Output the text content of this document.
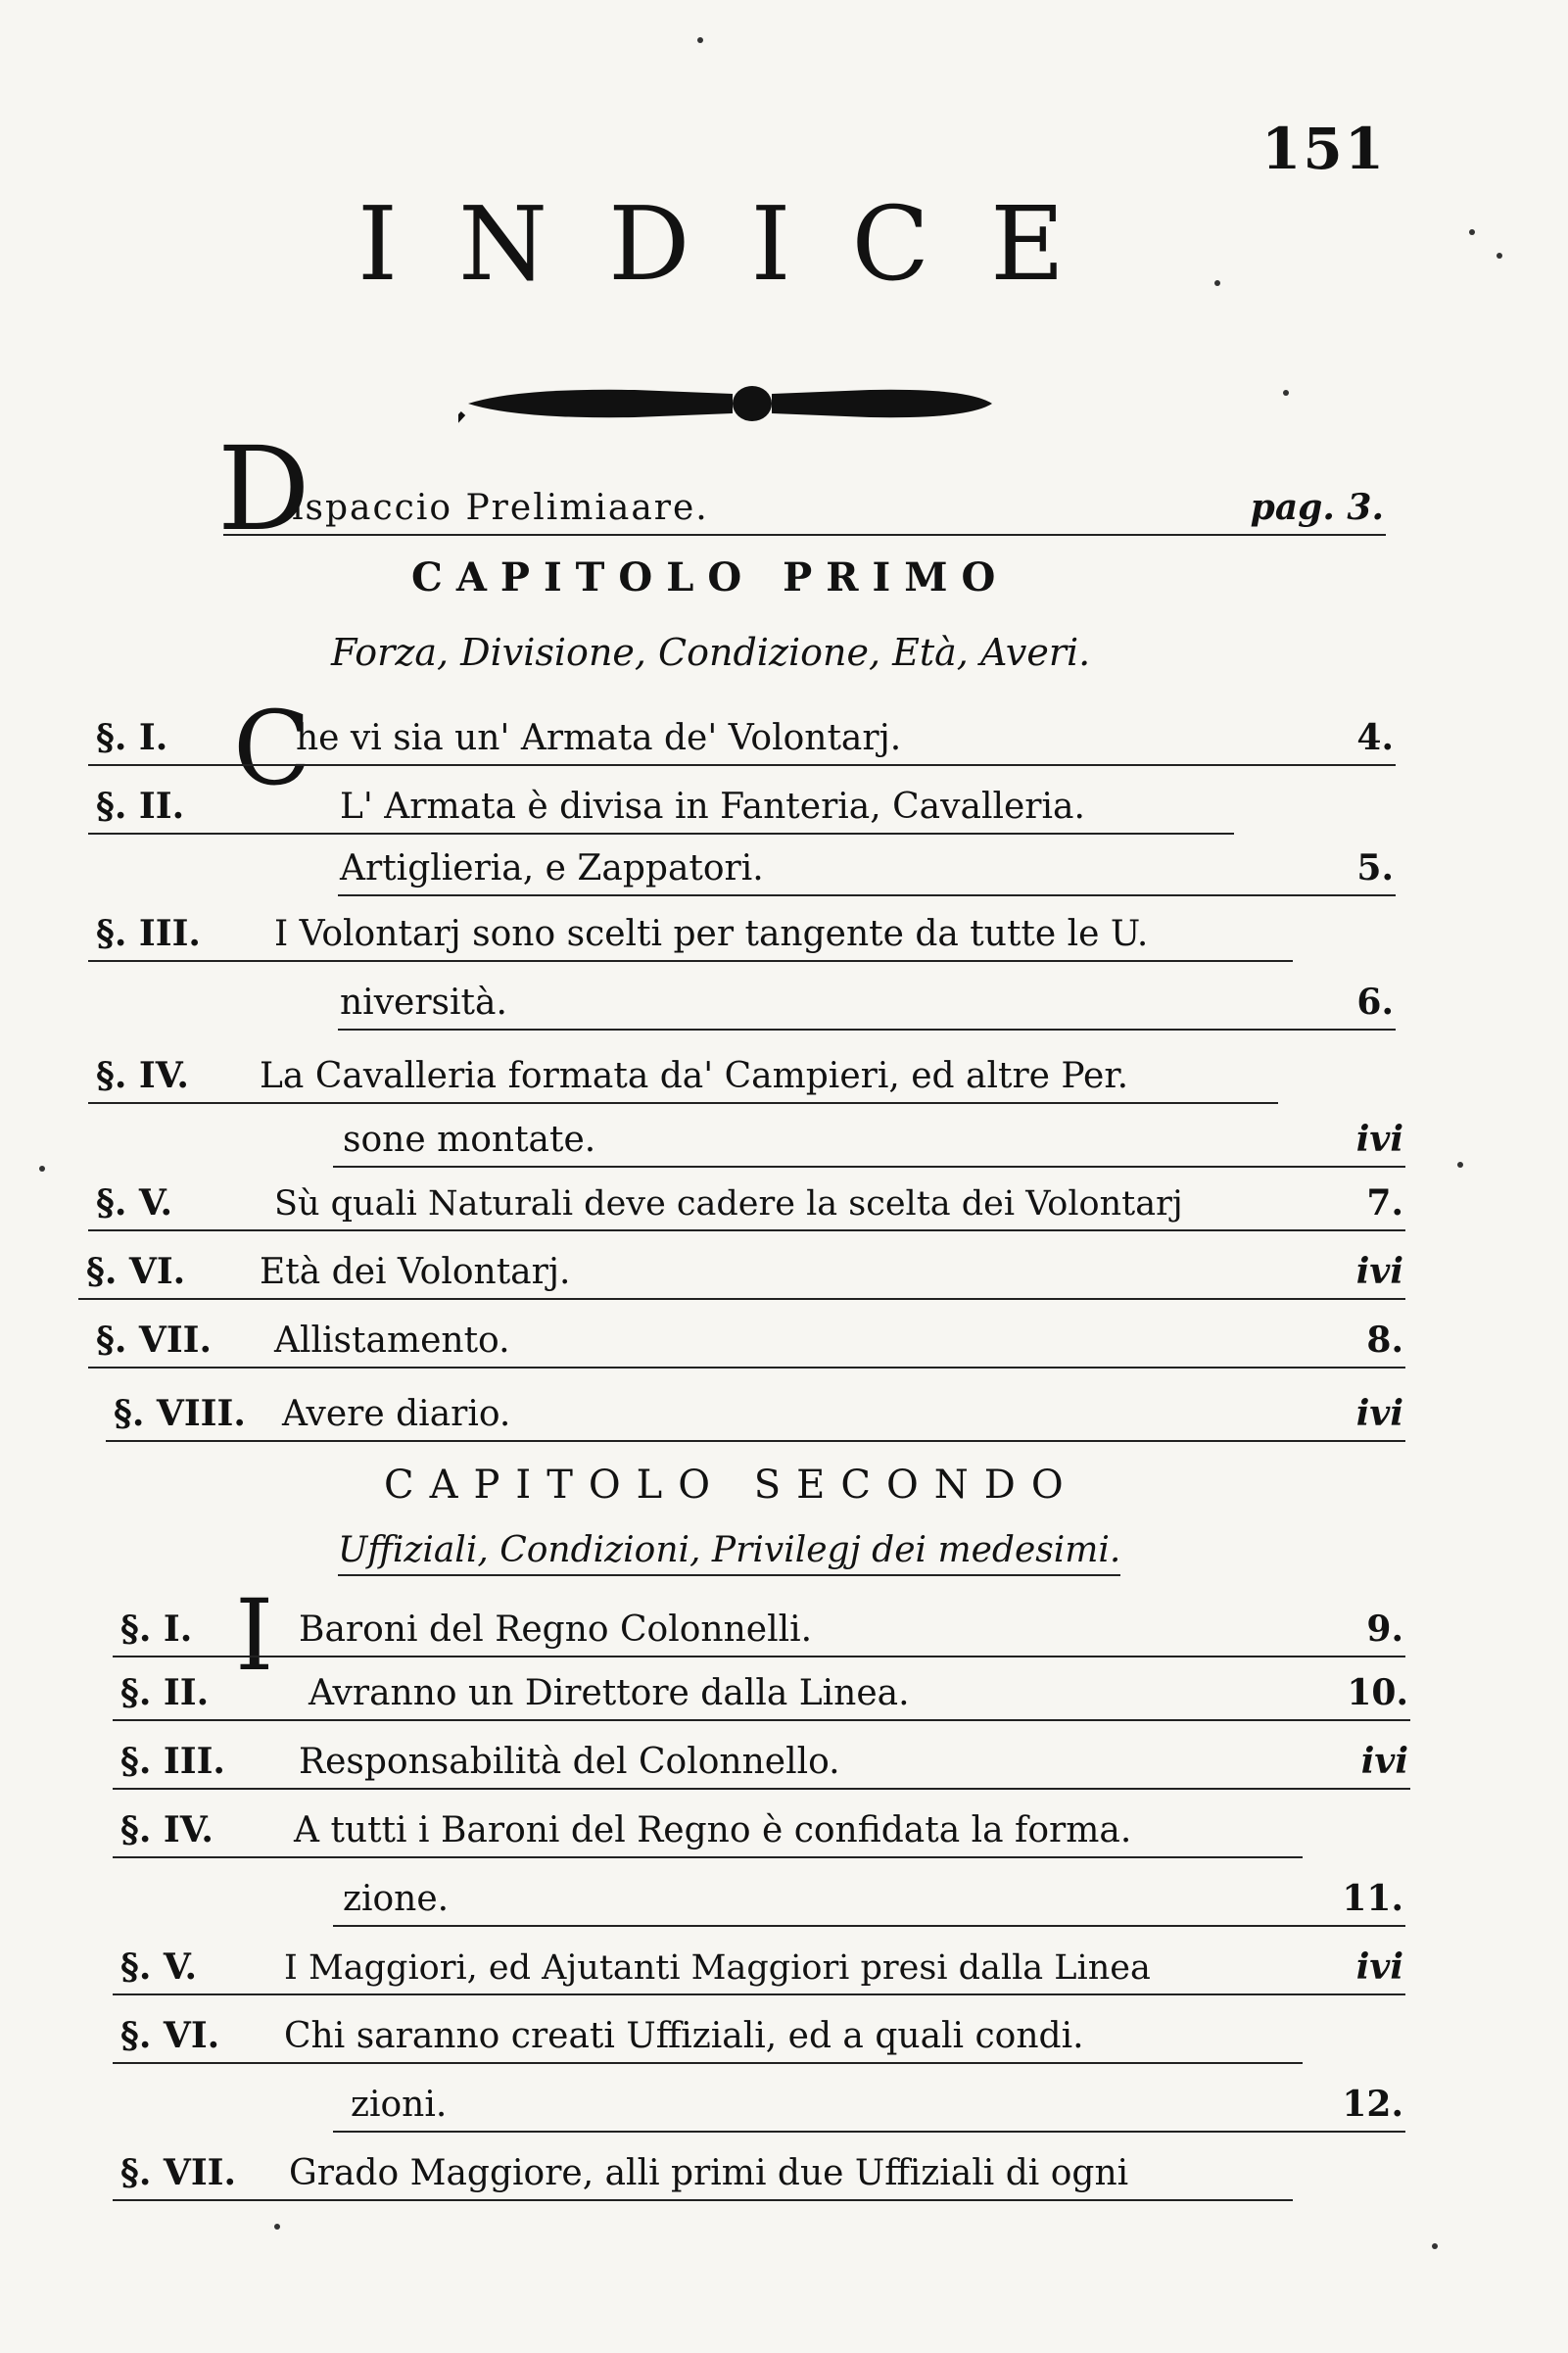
151
INDICE
D
ispaccio Prelimiaare.	pag. 3.
CAPITOLO PRIMO
Forza, Divisione, Condizione, Età, Averi.
C
§. I.	he vi sia un' Armata de' Volontarj.	4.
§. II.	L' Armata è divisa in Fanteria, Cavalleria.
Artiglieria, e Zappatori.	5.
§. III. I Volontarj sono scelti per tangente da tutte le U.
niversità.	6.
§. IV. La Cavalleria formata da' Campieri, ed altre Per.
sone montate.	ivi
§. V.	Sù quali Naturali deve cadere la scelta dei Volontarj	7.
§. VI. Età dei Volontarj.	ivi
§. VII. Allistamento.	8.
§. VIII. Avere diario.	ivi
CAPITOLO SECONDO
Uffiziali, Condizioni, Privilegj dei medesimi.
I
§. I.	Baroni del Regno Colonnelli.	9.
§. II.	Avranno un Direttore dalla Linea.	10.
§. III. Responsabilità del Colonnello.	ivi
§. IV. A tutti i Baroni del Regno è confidata la forma.
zione.	11.
§. V.	I Maggiori, ed Ajutanti Maggiori presi dalla Linea	ivi
§. VI. Chi saranno creati Uffiziali, ed a quali condi.
zioni.	12.
§. VII. Grado Maggiore, alli primi due Uffiziali di ogni
